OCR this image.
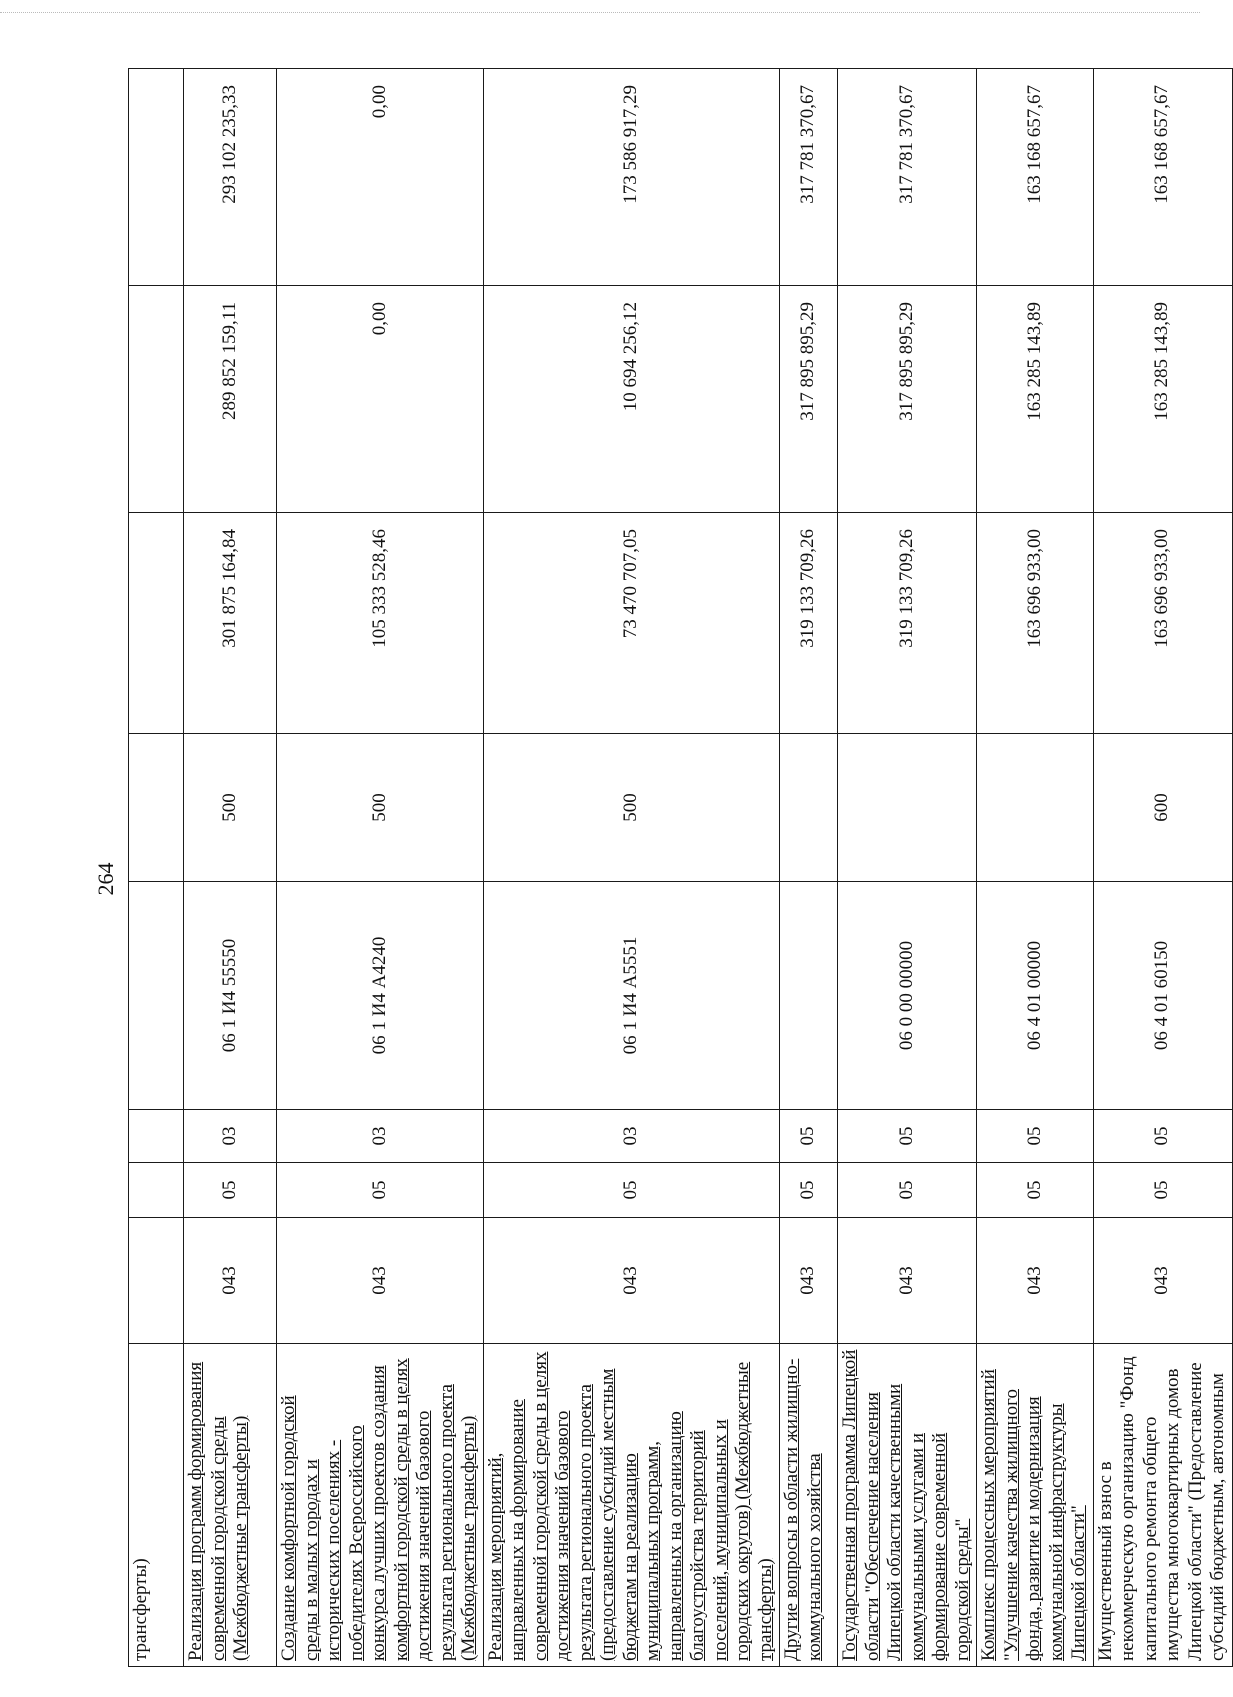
264
трансферты)								
Реализация программ формирования современной городской среды (Межбюджетные трансферты)	043	05	03	06 1 И4 55550	500	301 875 164,84	289 852 159,11	293 102 235,33
Создание комфортной городской среды в малых городах и исторических поселениях - победителях Всероссийского конкурса лучших проектов создания комфортной городской среды в целях достижения значений базового результата регионального проекта (Межбюджетные трансферты)	043	05	03	06 1 И4 А4240	500	105 333 528,46	0,00	0,00
Реализация мероприятий, направленных на формирование современной городской среды в целях достижения значений базового результата регионального проекта (предоставление субсидий местным бюджетам на реализацию муниципальных программ, направленных на организацию благоустройства территорий поселений, муниципальных и городских округов) (Межбюджетные трансферты)	043	05	03	06 1 И4 А5551	500	73 470 707,05	10 694 256,12	173 586 917,29
Другие вопросы в области жилищно-коммунального хозяйства	043	05	05			319 133 709,26	317 895 895,29	317 781 370,67
Государственная программа Липецкой области "Обеспечение населения Липецкой области качественными коммунальными услугами и формирование современной городской среды"	043	05	05	06 0 00 00000		319 133 709,26	317 895 895,29	317 781 370,67
Комплекс процессных мероприятий "Улучшение качества жилищного фонда, развитие и модернизация коммунальной инфраструктуры Липецкой области"	043	05	05	06 4 01 00000		163 696 933,00	163 285 143,89	163 168 657,67
Имущественный взнос в некоммерческую организацию "Фонд капитального ремонта общего имущества многоквартирных домов Липецкой области" (Предоставление субсидий бюджетным, автономным	043	05	05	06 4 01 60150	600	163 696 933,00	163 285 143,89	163 168 657,67
